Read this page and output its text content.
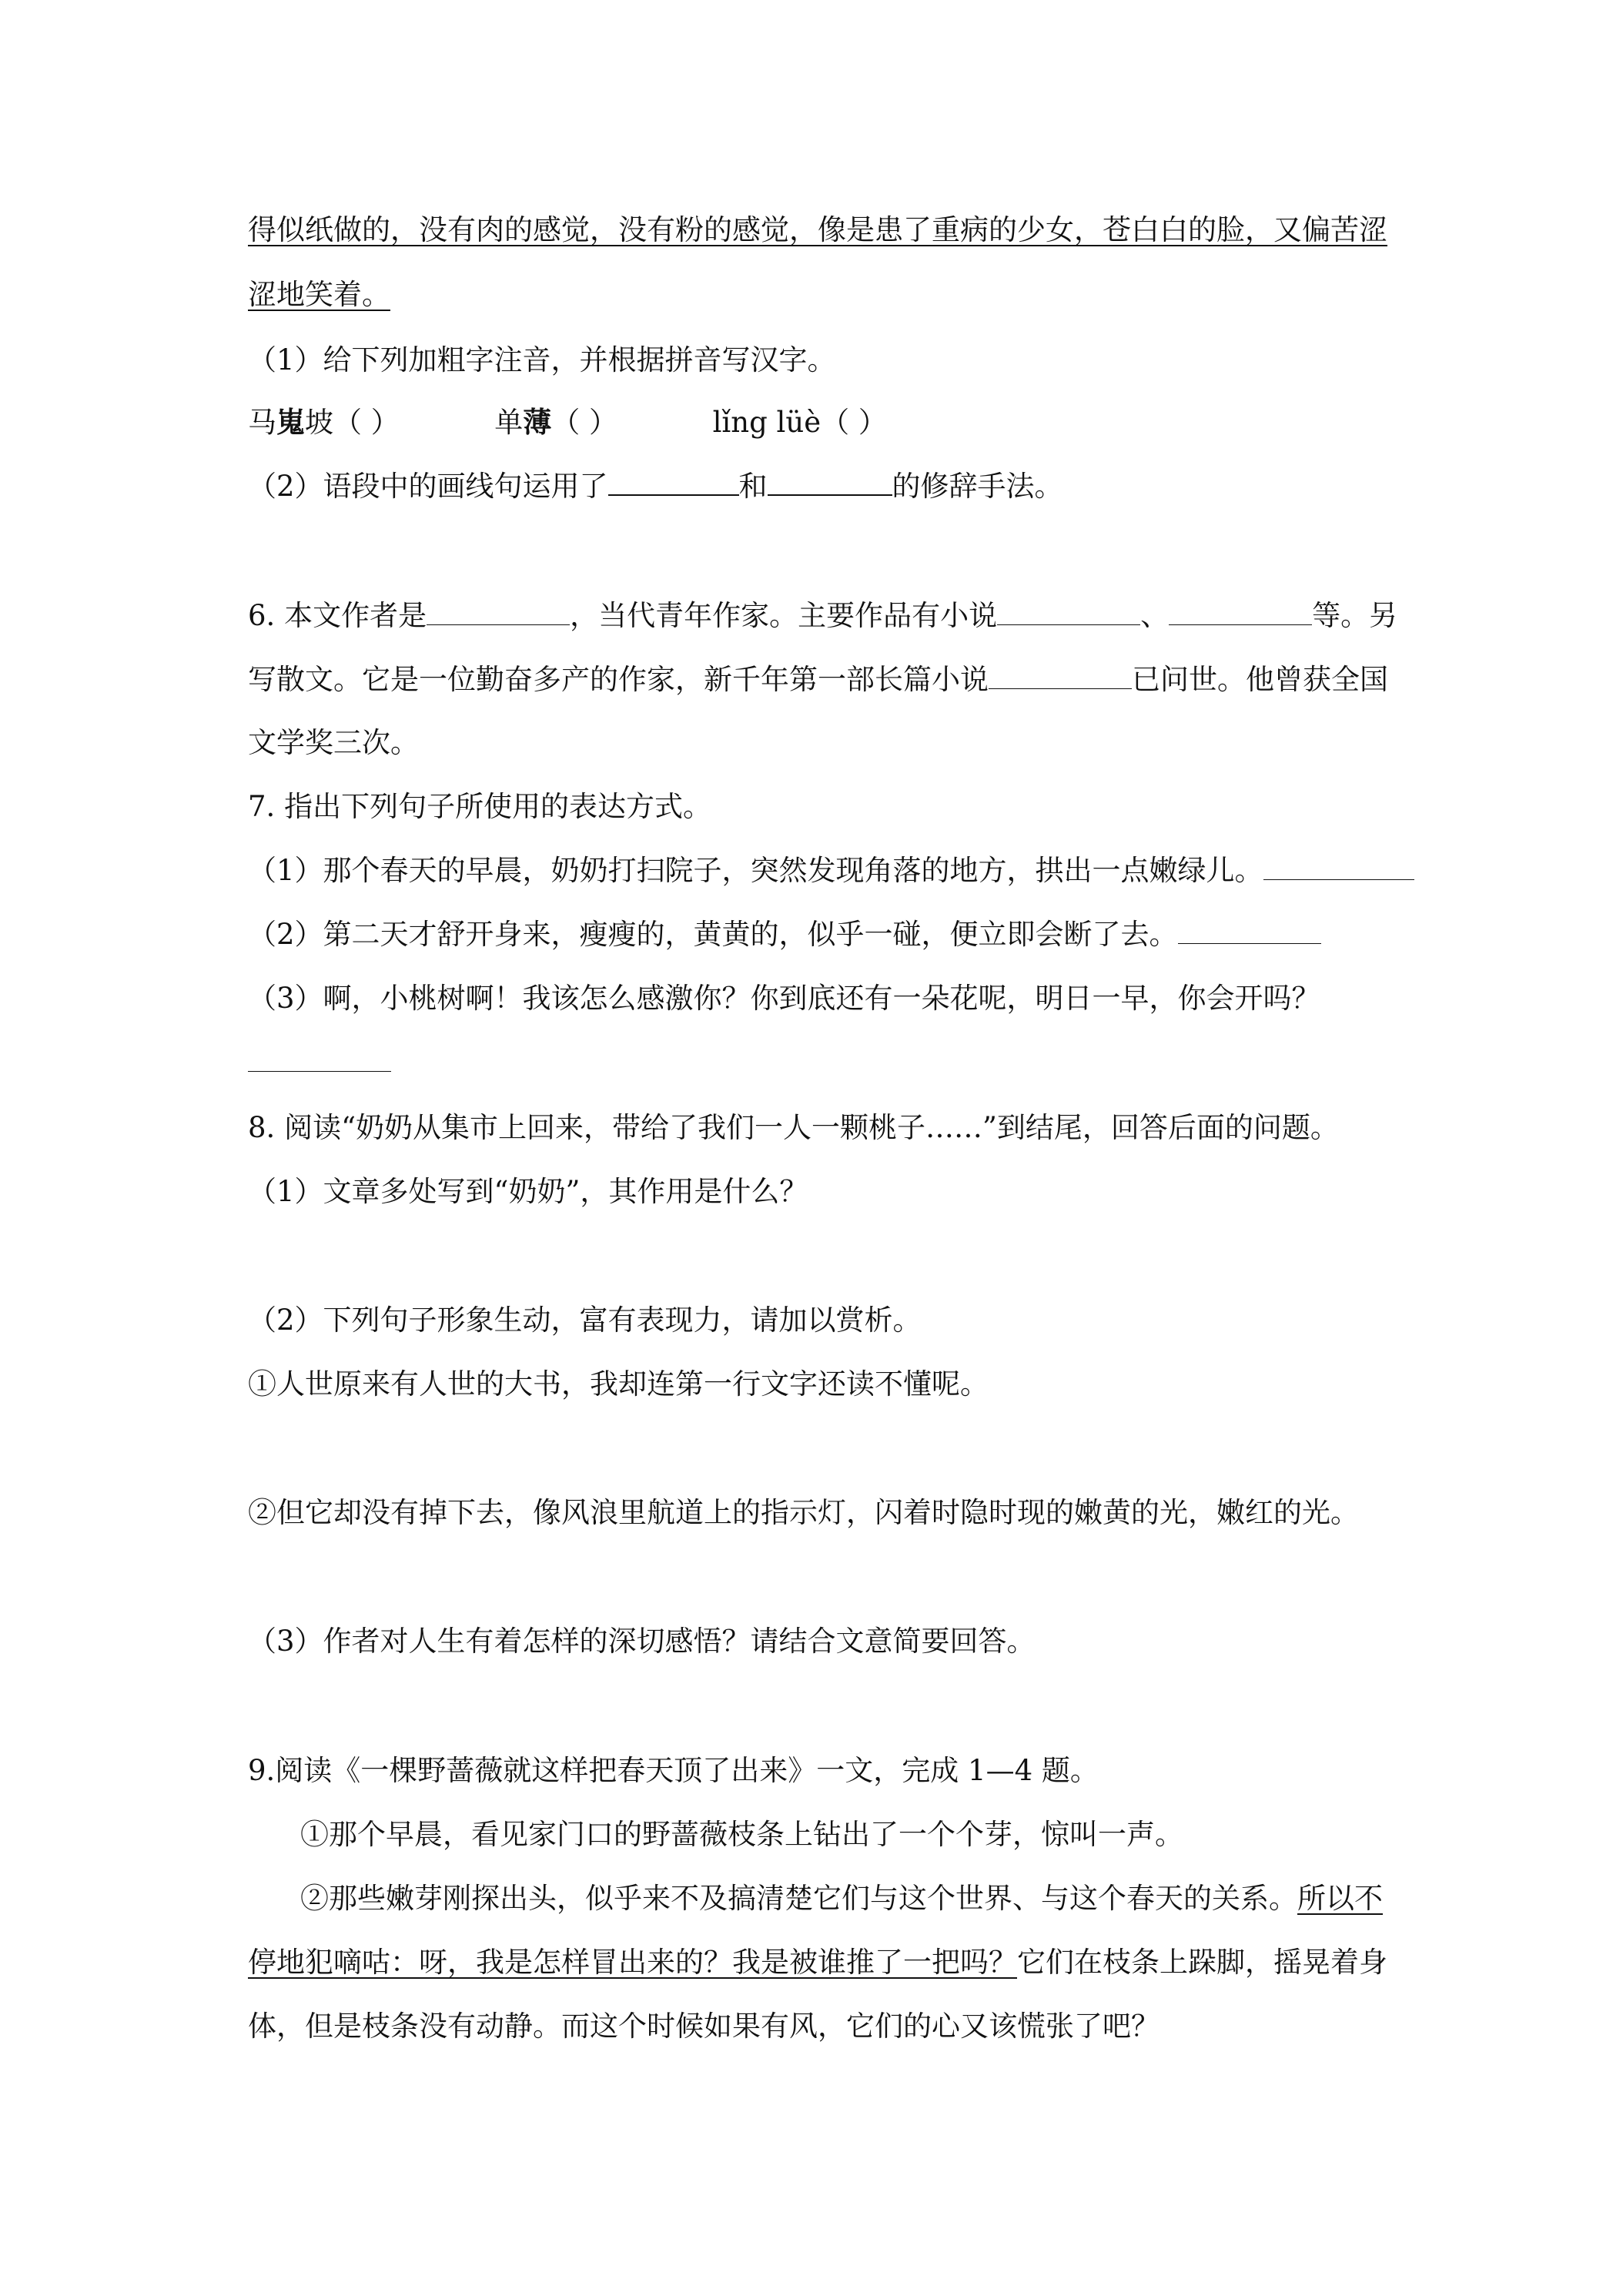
得似纸做的，没有肉的感觉，没有粉的感觉，像是患了重病的少女，苍白白的脸，又偏苦涩
涩地笑着。
（1）给下列加粗字注音，并根据拼音写汉字。
马嵬坡（ ）	单薄（ ）	lǐng lüè（ ）
（2）语段中的画线句运用了	和	的修辞手法。
6. 本文作者是	，当代青年作家。主要作品有小说	、	等。另
写散文。它是一位勤奋多产的作家，新千年第一部长篇小说	已问世。他曾获全国
文学奖三次。
7. 指出下列句子所使用的表达方式。
（1）那个春天的早晨，奶奶打扫院子，突然发现角落的地方，拱出一点嫩绿儿。
（2）第二天才舒开身来，瘦瘦的，黄黄的，似乎一碰，便立即会断了去。
（3）啊，小桃树啊！我该怎么感激你？你到底还有一朵花呢，明日一早，你会开吗？
8. 阅读“奶奶从集市上回来，带给了我们一人一颗桃子……”到结尾，回答后面的问题。
（1）文章多处写到“奶奶”，其作用是什么？
（2）下列句子形象生动，富有表现力，请加以赏析。
①人世原来有人世的大书，我却连第一行文字还读不懂呢。
②但它却没有掉下去，像风浪里航道上的指示灯，闪着时隐时现的嫩黄的光，嫩红的光。
（3）作者对人生有着怎样的深切感悟？请结合文意简要回答。
9.阅读《一棵野蔷薇就这样把春天顶了出来》一文，完成 1—4 题。
①那个早晨，看见家门口的野蔷薇枝条上钻出了一个个芽，惊叫一声。
②那些嫩芽刚探出头，似乎来不及搞清楚它们与这个世界、与这个春天的关系。所以不
停地犯嘀咕：呀，我是怎样冒出来的？我是被谁推了一把吗？它们在枝条上跺脚，摇晃着身
体，但是枝条没有动静。而这个时候如果有风，它们的心又该慌张了吧？
